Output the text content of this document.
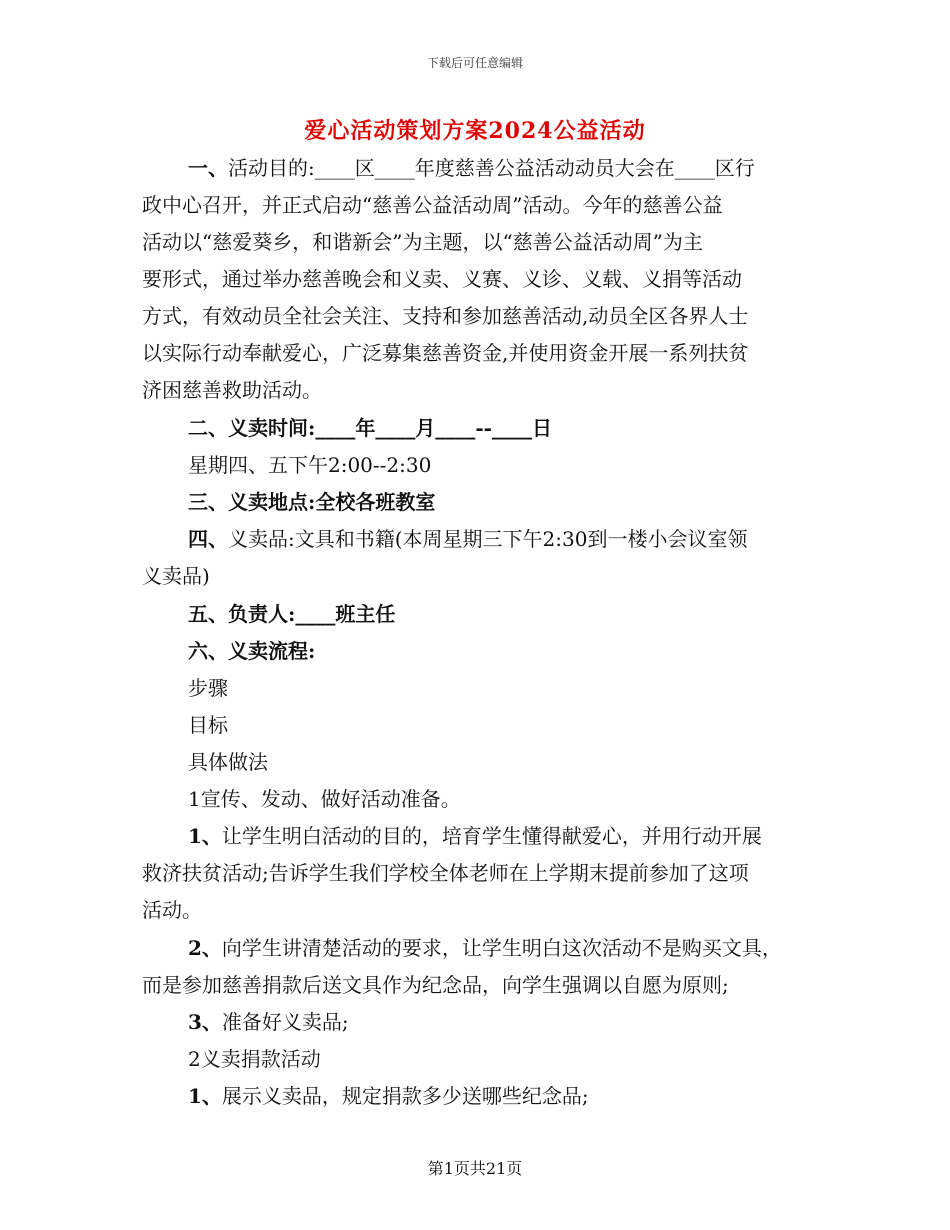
下载后可任意编辑
爱心活动策划方案2024公益活动
一、活动目的:____区____年度慈善公益活动动员大会在____区行
政中心召开，并正式启动“慈善公益活动周”活动。今年的慈善公益
活动以“慈爱葵乡，和谐新会”为主题，以“慈善公益活动周”为主
要形式，通过举办慈善晚会和义卖、义赛、义诊、义载、义捐等活动
方式，有效动员全社会关注、支持和参加慈善活动,动员全区各界人士
以实际行动奉献爱心，广泛募集慈善资金,并使用资金开展一系列扶贫
济困慈善救助活动。
二、义卖时间:____年____月____--____日
星期四、五下午2:00--2:30
三、义卖地点:全校各班教室
四、义卖品:文具和书籍(本周星期三下午2:30到一楼小会议室领
义卖品)
五、负责人:____班主任
六、义卖流程:
步骤
目标
具体做法
1宣传、发动、做好活动准备。
1、让学生明白活动的目的，培育学生懂得献爱心，并用行动开展
救济扶贫活动;告诉学生我们学校全体老师在上学期末提前参加了这项
活动。
2、向学生讲清楚活动的要求，让学生明白这次活动不是购买文具，
而是参加慈善捐款后送文具作为纪念品，向学生强调以自愿为原则;
3、准备好义卖品;
2义卖捐款活动
1、展示义卖品，规定捐款多少送哪些纪念品;
第1页共21页
